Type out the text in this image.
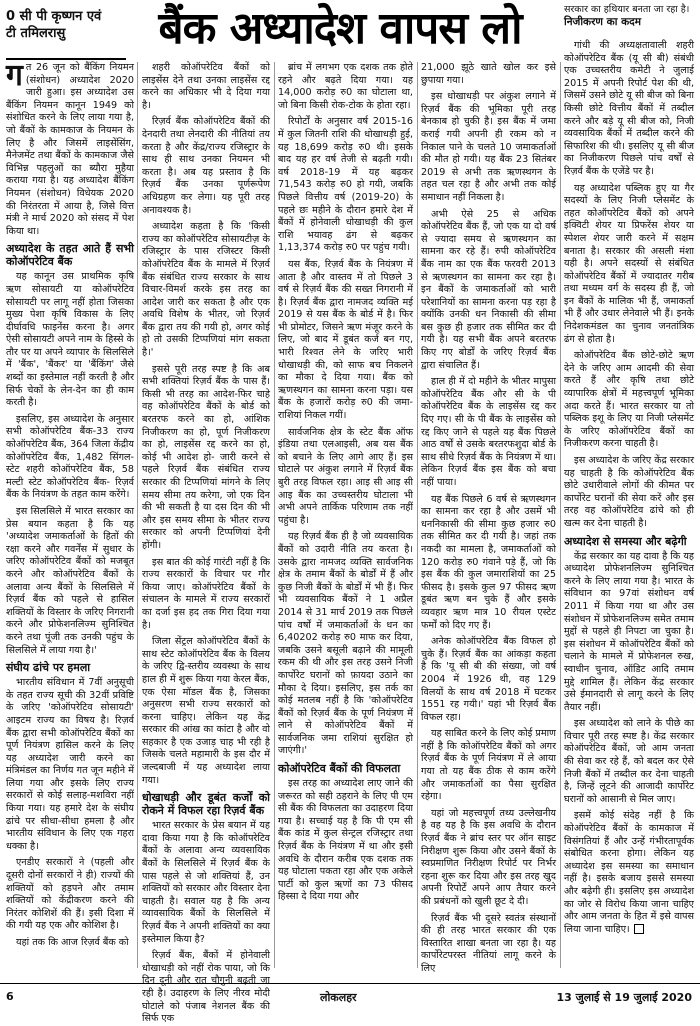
0 सी पी कृष्णन एवं
टी तमिलरासु	बैंक अध्यादेश वापस लो	सरकार का हथियार बनता जा रहा है।
निजीकरण का कदम

गत 26 जून को बैंकिंग नियमन (संशोधन) अध्यादेश 2020 जारी हुआ। इस अध्यादेश उस बैंकिंग नियमन कानून 1949 को संशोधित करने के लिए लाया गया है, जो बैंकों के कामकाज के नियमन के लिए है और जिसमें लाइसेंसिंग, मैनेजमेंट तथा बैंकों के कामकाज जैसे विभिन्न पहलुओं का ब्यौरा मुहैया कराया गया है। यह अध्यादेश बैंकिंग नियमन (संशोधन) विधेयक 2020 की निरंतरता में आया है, जिसे वित्त मंत्री ने मार्च 2020 को संसद में पेश किया था।

अध्यादेश के तहत आते हैं सभी कोऑपरेटिव बैंक

यह कानून उस प्राथमिक कृषि ऋण सोसायटी या कोऑपरेटिव सोसायटी पर लागू नहीं होता जिसका मुख्य पेशा कृषि विकास के लिए दीर्घावधि फाइनेंस करना है। अगर ऐसी सोसायटी अपने नाम के हिस्से के तौर पर या अपने व्यापार के सिलसिले में 'बैंक', 'बैंकर' या 'बैंकिंग' जैसे शब्दों का इस्तेमाल नहीं करती है और सिर्फ चेकों के लेन-देन का ही काम करती है।

इसलिए, इस अध्यादेश के अनुसार सभी कोऑपरेटिव बैंक-33 राज्य कोऑपरेटिव बैंक, 364 जिला केंद्रीय कोऑपरेटिव बैंक, 1,482 सिंगल-स्टेट शहरी कोऑपरेटिव बैंक, 58 मल्टी स्टेट कोऑपरेटिव बैंक- रिज़र्व बैंक के नियंत्रण के तहत काम करेंगे।

इस सिलसिले में भारत सरकार का प्रेस बयान कहता है कि यह 'अध्यादेश जमाकर्ताओं के हितों की रक्षा करने और गवर्नेंस में सुधार के जरिए कोऑपरेटिव बैंकों को मजबूत करने और कोऑपरेटिव बैंकों के अलावा अन्य बैंकों के सिलसिले में रिज़र्व बैंक को पहले से हासिल शक्तियों के विस्तार के जरिए निगरानी करने और प्रोफेशनलिज्म सुनिश्चित करने तथा पूंजी तक उनकी पहुंच के सिलसिले में लाया गया है।'

संघीय ढांचे पर हमला

भारतीय संविधान में 7वीं अनुसूची के तहत राज्य सूची की 32वीं प्रविष्टि के जरिए 'कोऑपरेटिव सोसायटी' आइटम राज्य का विषय है। रिज़र्व बैंक द्वारा सभी कोऑपरेटिव बैंकों का पूर्ण नियंत्रण हासिल करने के लिए यह अध्यादेश जारी करने का मंत्रिमंडल का निर्णय गत जून महीने में लिया गया और इसके लिए राज्य सरकारों से कोई सलाह-मशविरा नहीं किया गया। यह हमारे देश के संघीय ढांचे पर सीधा-सीधा हमला है और भारतीय संविधान के लिए एक गहरा धक्का है।

एनडीए सरकारों ने (पहली और दूसरी दोनों सरकारों ने ही) राज्यों की शक्तियों को हड़पने और तमाम शक्तियों को केंद्रीकरण करने की निरंतर कोशिशें की हैं। इसी दिशा में की गयी यह एक और कोशिश है।

यहां तक कि आज रिज़र्व बैंक को

शहरी कोऑपरेटिव बैंकों को लाइसेंस देने तथा उनका लाइसेंस रद्द करने का अधिकार भी दे दिया गया है।

रिज़र्व बैंक कोऑपरेटिव बैंकों की देनदारी तथा लेनदारी की नीतियां तय करता है और केंद्र/राज्य रजिस्ट्रार के साथ ही साथ उनका नियमन भी करता है। अब यह प्रस्ताव है कि रिज़र्व बैंक उनका पूर्णरूपेण अधिग्रहण कर लेगा। यह पूरी तरह अनावश्यक है।

अध्यादेश कहता है कि 'किसी राज्य का कोऑपरेटिव सोसायटीज़ के रजिस्ट्रार के पास रजिस्टर किसी कोऑपरेटिव बैंक के मामले में रिज़र्व बैंक संबंधित राज्य सरकार के साथ विचार-विमर्श करके इस तरह का आदेश जारी कर सकता है और एक अवधि विशेष के भीतर, जो रिज़र्व बैंक द्वारा तय की गयी हो, अगर कोई हो तो उसकी टिप्पणियां मांग सकता है।'

इससे पूरी तरह स्पष्ट है कि अब सभी शक्तियां रिज़र्व बैंक के पास हैं। किसी भी तरह का आदेश-फिर चाहे वह कोऑपरेटिव बैंकों के बोर्ड को बरतरफ करने का हो, आंशिक निजीकरण का हो, पूर्ण निजीकरण का हो, लाइसेंस रद्द करने का हो, कोई भी आदेश हो- जारी करने से पहले रिज़र्व बैंक संबंधित राज्य सरकार की टिप्पणियां मांगने के लिए समय सीमा तय करेगा, जो एक दिन की भी सकती है या दस दिन की भी और इस समय सीमा के भीतर राज्य सरकार को अपनी टिप्पणियां देनी होंगी।

इस बात की कोई गारंटी नहीं है कि राज्य सरकारों के विचार पर गौर किया जाए। कोऑपरेटिव बैंकों के संचालन के मामले में राज्य सरकारों का दर्जा इस हद तक गिरा दिया गया है।

जिला सेंट्रल कोऑपरेटिव बैंकों के साथ स्टेट कोऑपरेटिव बैंक के विलय के जरिए द्वि-स्तरीय व्यवस्था के साथ हाल ही में शुरू किया गया केरल बैंक, एक ऐसा मॉडल बैंक है, जिसका अनुसरण सभी राज्य सरकारों को करना चाहिए। लेकिन यह केंद्र सरकार की आंख का कांटा है और वो सहकार है एक उजाड़ चाह भी रही है जिसके चलते महामारी के इस दौर में जल्दबाजी में यह अध्यादेश लाया गया।

धोखाधड़ी और डूबंत कर्जों को रोकने में विफल रहा रिज़र्व बैंक

भारत सरकार के प्रेस बयान में यह दावा किया गया है कि कोऑपरेटिव बैंकों के अलावा अन्य व्यवसायिक बैंकों के सिलसिले में रिज़र्व बैंक के पास पहले से जो शक्तियां हैं, उन शक्तियों को सरकार और विस्तार देना चाहती है। सवाल यह है कि अन्य व्यावसायिक बैंकों के सिलसिले में रिज़र्व बैंक ने अपनी शक्तियों का क्या इस्तेमाल किया है?

रिज़र्व बैंक, बैंकों में होनेवाली धोखाधड़ी को नहीं रोक पाया, जो कि दिन दूनी और रात चौगुनी बढ़ती जा रही है। उदाहरण के लिए नीरव मोदी घोटाले को पंजाब नेशनल बैंक की सिर्फ एक

ब्रांच में लगभग एक दशक तक होते रहने और बढ़ते दिया गया। यह 14,000 करोड़ रु0 का घोटाला था, जो बिना किसी रोक-टोक के होता रहा।

रिपोर्टों के अनुसार वर्ष 2015-16 में कुल जितनी राशि की धोखाधड़ी हुई, यह 18,699 करोड़ रु0 थी। इसके बाद यह हर वर्ष तेजी से बढ़ती गयी। वर्ष 2018-19 में यह बढ़कर 71,543 करोड़ रु0 हो गयी, जबकि पिछले वित्तीय वर्ष (2019-20) के पहले छः महीने के दौरान हमारे देश में बैंकों में होनेवाली धोखाधड़ी की कुल राशि भयावह ढंग से बढ़कर 1,13,374 करोड़ रु0 पर पहुंच गयी।

यस बैंक, रिज़र्व बैंक के नियंत्रण में आता है और वास्तव में तो पिछले 3 वर्ष से रिज़र्व बैंक की सख्त निगरानी में है। रिज़र्व बैंक द्वारा नामजद व्यक्ति मई 2019 से यस बैंक के बोर्ड में है। फिर भी प्रोमोटर, जिसने ऋण मंजूर करने के लिए, जो बाद में डूबंत कर्ज बन गए, भारी रिश्वत लेने के जरिए भारी धोखाधड़ी की, को साफ बच निकलने का मौका दे दिया गया। बैंक को ऋणस्थगन का सामना करना पड़ा। यस बैंक के हजारों करोड़ रु0 की जमा-राशियां निकल गयीं।

सार्वजनिक क्षेत्र के स्टेट बैंक ऑफ इंडिया तथा एलआइसी, अब यस बैंक को बचाने के लिए आगे आए हैं। इस घोटाले पर अंकुश लगाने में रिज़र्व बैंक बुरी तरह विफल रहा। आइ सी आइ सी आइ बैंक का उच्चस्तरीय घोटाला भी अभी अपने तार्किक परिणाम तक नहीं पहुंचा है।

यह रिज़र्व बैंक ही है जो व्यवसायिक बैंकों को उदारी नीति तय करता है। उसके द्वारा नामजद व्यक्ति सार्वजनिक क्षेत्र के तमाम बैंकों के बोर्डों में हैं और कुछ निजी बैंकों के बोर्डों में भी हैं। फिर भी व्यवसायिक बैंकों ने 1 अप्रैल 2014 से 31 मार्च 2019 तक पिछले पांच वर्षों में जमाकर्ताओं के धन का 6,40202 करोड़ रु0 माफ कर दिया, जबकि उसने बसूली बढ़ाने की मामूली रकम की थी और इस तरह उसने निजी कार्पोरेट घरानों को फ़ायदा उठाने का मौका दे दिया। इसलिए, इस तर्क का कोई मतलब नहीं है कि 'कोऑपरेटिव बैंकों को रिज़र्व बैंक के पूर्ण नियंत्रण में लाने से कोऑपरेटिव बैंकों में सार्वजनिक जमा राशियां सुरक्षित हो जाएंगी।'

कोऑपरेटिव बैंकों की विफलता

इस तरह का अध्यादेश लाए जाने की जरूरत को सही ठहराने के लिए पी एम सी बैंक की विफलता का उदाहरण दिया गया है। सच्चाई यह है कि पी एम सी बैंक कांड में कुल सेन्ट्रल रजिस्ट्रार तथा रिज़र्व बैंक के नियंत्रण में था और इसी अवधि के दौरान करीब एक दशक तक यह घोटाला पकता रहा और एक अकेले पार्टी को कुल ऋणों का 73 फीसद हिस्सा दे दिया गया और

21,000 झूठे खाते खोल कर इसे छुपाया गया।

इस धोखाधड़ी पर अंकुश लगाने में रिज़र्व बैंक की भूमिका पूरी तरह बेनकाब हो चुकी है। इस बैंक में जमा कराई गयी अपनी ही रकम को न निकाल पाने के चलते 10 जमाकर्ताओं की मौत हो गयी। यह बैंक 23 सितंबर 2019 से अभी तक ऋणस्थगन के तहत चल रहा है और अभी तक कोई समाधान नहीं निकला है।

अभी ऐसे 25 से अधिक कोऑपरेटिव बैंक हैं, जो एक या दो वर्ष से ज्यादा समय से ऋणस्थगन का सामना कर रहे हैं। रुपी कोऑपरेटिव बैंक नाम का एक बैंक फरवरी 2013 से ऋणस्थगन का सामना कर रहा है। इन बैंकों के जमाकर्ताओं को भारी परेशानियों का सामना करना पड़ रहा है क्योंकि उनकी धन निकासी की सीमा बस कुछ ही हजार तक सीमित कर दी गयी है। यह सभी बैंक अपने बरतरफ किए गए बोर्डों के जरिए रिज़र्व बैंक द्वारा संचालित हैं।

हाल ही में दो महीने के भीतर मापुसा कोऑपरेटिव बैंक और सी के पी कोऑपरेटिव बैंक के लाइसेंस रद्द कर दिए गए। सी के पी बैंक के लाइसेंस को रद्द किए जाने से पहले यह बैंक पिछले आठ वर्षों से उसके बरतरफशुदा बोर्ड के साथ सीधे रिज़र्व बैंक के नियंत्रण में था। लेकिन रिज़र्व बैंक इस बैंक को बचा नहीं पाया।

यह बैंक पिछले 6 वर्ष से ऋणस्थगन का सामना कर रहा है और उसमें भी धननिकासी की सीमा कुछ हजार रु0 तक सीमित कर दी गयी है। जहां तक नकदी का मामला है, जमाकर्ताओं को 120 करोड़ रु0 गंवाने पड़े हैं, जो कि इस बैंक की कुल जमाराशियों का 25 फीसद है। इसके कुल 97 फीसद ऋण डूबंत ऋण बन चुके हैं और इसके व्यवहार ऋण मात्र 10 रीयल एस्टेट फर्मों को दिए गए हैं।

अनेक कोऑपरेटिव बैंक विफल हो चुके हैं। रिज़र्व बैंक का आंकड़ा कहता है कि 'यू सी बी की संख्या, जो वर्ष 2004 में 1926 थी, वह 129 विलयों के साथ वर्ष 2018 में घटकर 1551 रह गयी।' यहां भी रिज़र्व बैंक विफल रहा।

यह साबित करने के लिए कोई प्रमाण नहीं है कि कोऑपरेटिव बैंकों को अगर रिज़र्व बैंक के पूर्ण नियंत्रण में ले आया गया तो यह बैंक ठीक से काम करेंगे और जमाकर्ताओं का पैसा सुरक्षित रहेगा।

यहां जो महत्त्वपूर्ण तथ्य उल्लेखनीय है वह यह है कि इस अवधि के दौरान रिज़र्व बैंक ने ब्रांच स्तर पर ऑन साइट निरीक्षण शुरू किया और उसने बैंकों के स्वप्रमाणित निरीक्षण रिपोर्ट पर निर्भर रहना शुरू कर दिया और इस तरह खुद अपनी रिपोर्टें अपने आप तैयार करने की प्रबंधनों को खुली छूट दे दी।

रिज़र्व बैंक भी दूसरे स्वतंत्र संस्थानों की ही तरह भारत सरकार की एक विस्तारित शाखा बनता जा रहा है। यह कार्पोरेटपरस्त नीतियां लागू करने के लिए

गांधी की अध्यक्षतावाली शहरी कोऑपरेटिव बैंक (यू सी बी) संबंधी एक उच्चस्तरीय कमेटी ने जुलाई 2015 में अपनी रिपोर्ट पेश की थी, जिसमें उसने छोटे यू सी बीज को बिना किसी छोटे वित्तीय बैंकों में तब्दील करने और बड़े यू सी बीज को, निजी व्यवसायिक बैंकों में तब्दील करने की सिफारिश की थी। इसलिए यू सी बीज का निजीकरण पिछले पांच वर्षों से रिज़र्व बैंक के एजेंडे पर है।

यह अध्यादेश पब्लिक हुए या गैर सदस्यों के लिए निजी प्लेसमेंट के तहत कोऑपरेटिव बैंकों को अपने इक्विटी शेयर या प्रिफरेंस शेयर या स्पेशल शेयर जारी करने में सक्षम बनाता है। सरकार की असली मंशा यही है। अपने सदस्यों से संबंधित कोऑपरेटिव बैंकों में ज्यादातर गरीब तथा मध्यम वर्ग के सदस्य ही हैं, जो इन बैंकों के मालिक भी हैं, जमाकर्ता भी हैं और उधार लेनेवाले भी हैं। इनके निदेशकमंडल का चुनाव जनतांत्रिक ढंग से होता है।

कोऑपरेटिव बैंक छोटे-छोटे ऋण देने के जरिए आम आदमी की सेवा करते हैं और कृषि तथा छोटे व्यापारिक क्षेत्रों में महत्त्वपूर्ण भूमिका अदा करते हैं। भारत सरकार या तो पब्लिक इशू के लिए या निजी प्लेसमेंट के जरिए कोऑपरेटिव बैंकों का निजीकरण करना चाहती है।

इस अध्यादेश के जरिए केंद्र सरकार यह चाहती है कि कोऑपरेटिव बैंक छोटे उधारीवाले लोगों की कीमत पर कार्पोरेट घरानों की सेवा करें और इस तरह वह कोऑपरेटिव ढांचे को ही खत्म कर देना चाहती है।

अध्यादेश से समस्या और बढ़ेगी

केंद्र सरकार का यह दावा है कि यह अध्यादेश प्रोफेशनलिज्म सुनिश्चित करने के लिए लाया गया है। भारत के संविधान का 97वां संशोधन वर्ष 2011 में किया गया था और उस संशोधन में प्रोफेशनलिज्म समेत तमाम मुद्दों से पहले ही निपटा जा चुका है। इस संशोधन में कोऑपरेटिव बैंकों को चलाने के मामले में प्रोफेशनल रुख, स्वाधीन चुनाव, ऑडिट आदि तमाम मुद्दे शामिल हैं। लेकिन केंद्र सरकार उसे ईमानदारी से लागू करने के लिए तैयार नहीं।

इस अध्यादेश को लाने के पीछे का विचार पूरी तरह स्पष्ट है। केंद्र सरकार कोऑपरेटिव बैंकों, जो आम जनता की सेवा कर रहे हैं, को बदल कर ऐसे निजी बैंकों में तब्दील कर देना चाहती है, जिन्हें लूटने की आजादी कार्पोरेट घरानों को आसानी से मिल जाए।

इसमें कोई संदेह नहीं है कि कोऑपरेटिव बैंकों के कामकाज में विसंगतियां हैं और उन्हें गंभीरतापूर्वक संबोधित करना होगा। लेकिन यह अध्यादेश इस समस्या का समाधान नहीं है। इसके बजाय इससे समस्या और बढ़ेगी ही। इसलिए इस अध्यादेश का जोर से विरोध किया जाना चाहिए और आम जनता के हित में इसे वापस लिया जाना चाहिए।

6	लोकलहर	13 जुलाई से 19 जुलाई 2020
